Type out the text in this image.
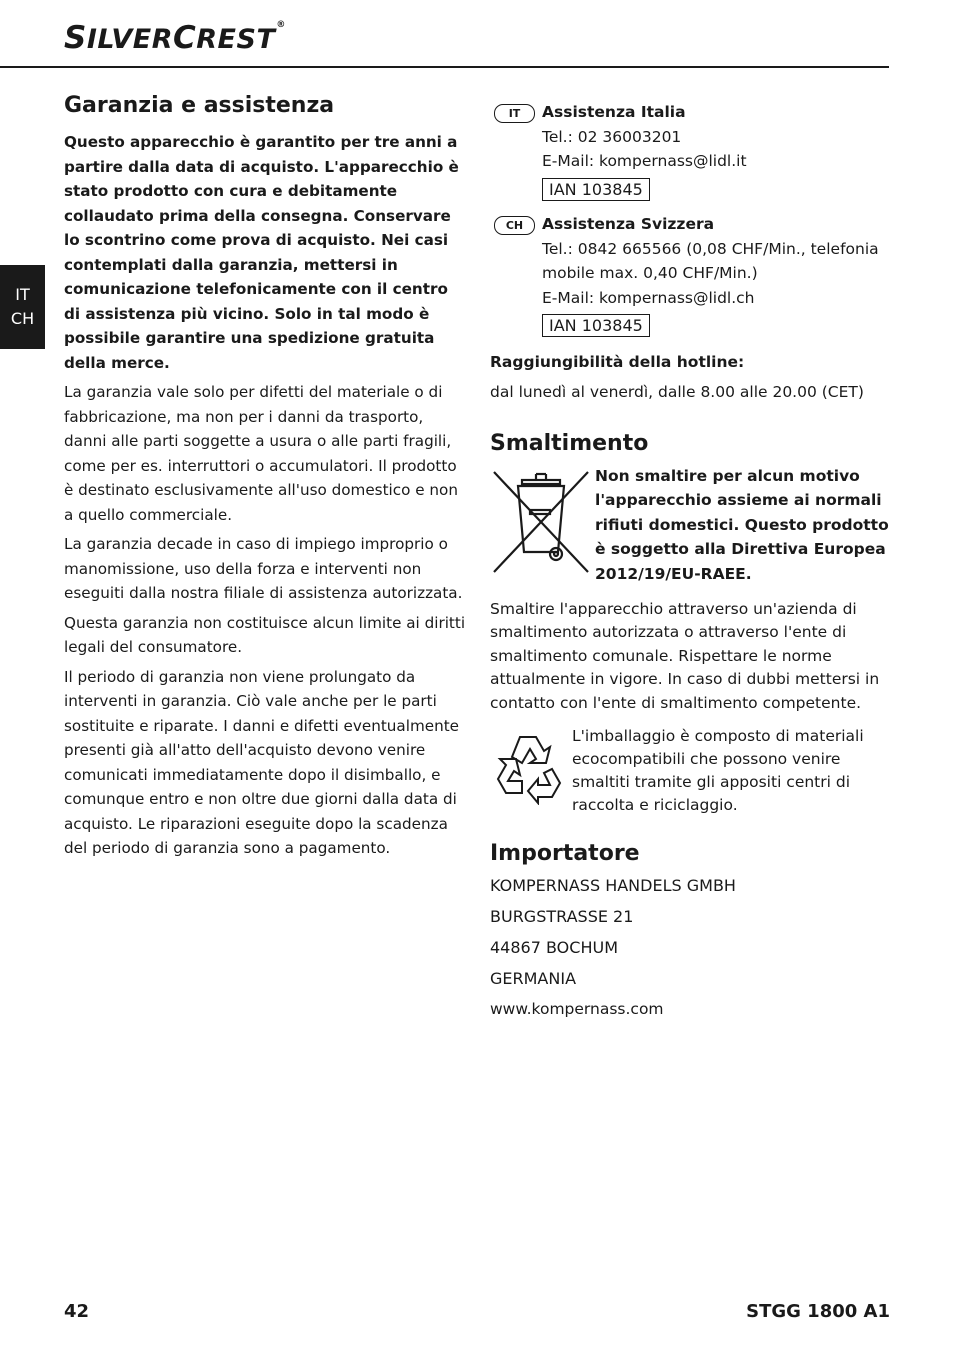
SILVERCREST®
IT
CH
Garanzia e assistenza

Questo apparecchio è garantito per tre anni a partire dalla data di acquisto. L'apparecchio è stato prodotto con cura e debitamente collaudato prima della consegna. Conservare lo scontrino come prova di acquisto. Nei casi contemplati dalla garanzia, mettersi in comunicazione telefonicamente con il centro di assistenza più vicino. Solo in tal modo è possibile garantire una spedizione gratuita della merce.

La garanzia vale solo per difetti del materiale o di fabbricazione, ma non per i danni da trasporto, danni alle parti soggette a usura o alle parti fragili, come per es. interruttori o accumulatori. Il prodotto è destinato esclusivamente all'uso domestico e non a quello commerciale.

La garanzia decade in caso di impiego improprio o manomissione, uso della forza e interventi non eseguiti dalla nostra filiale di assistenza autorizzata.

Questa garanzia non costituisce alcun limite ai diritti legali del consumatore.

Il periodo di garanzia non viene prolungato da interventi in garanzia. Ciò vale anche per le parti sostituite e riparate. I danni e difetti eventualmente presenti già all'atto dell'acquisto devono venire comunicati immediatamente dopo il disimballo, e comunque entro e non oltre due giorni dalla data di acquisto. Le riparazioni eseguite dopo la scadenza del periodo di garanzia sono a pagamento.

IT	Assistenza Italia
Tel.: 02 36003201
E-Mail: kompernass@lidl.it
IAN 103845
CH	Assistenza Svizzera
Tel.: 0842 665566 (0,08 CHF/Min., telefonia mobile max. 0,40 CHF/Min.)
E-Mail: kompernass@lidl.ch
IAN 103845
Raggiungibilità della hotline:
dal lunedì al venerdì, dalle 8.00 alle 20.00 (CET)
Smaltimento
Non smaltire per alcun motivo l'apparecchio assieme ai normali rifiuti domestici. Questo prodotto è soggetto alla Direttiva Europea 2012/19/EU-RAEE.

Smaltire l'apparecchio attraverso un'azienda di smaltimento autorizzata o attraverso l'ente di smaltimento comunale. Rispettare le norme attualmente in vigore. In caso di dubbi mettersi in contatto con l'ente di smaltimento competente.

L'imballaggio è composto di materiali ecocompatibili che possono venire smaltiti tramite gli appositi centri di raccolta e riciclaggio.
Importatore

KOMPERNASS HANDELS GMBH

BURGSTRASSE 21

44867 BOCHUM

GERMANIA

www.kompernass.com

42	STGG 1800 A1
